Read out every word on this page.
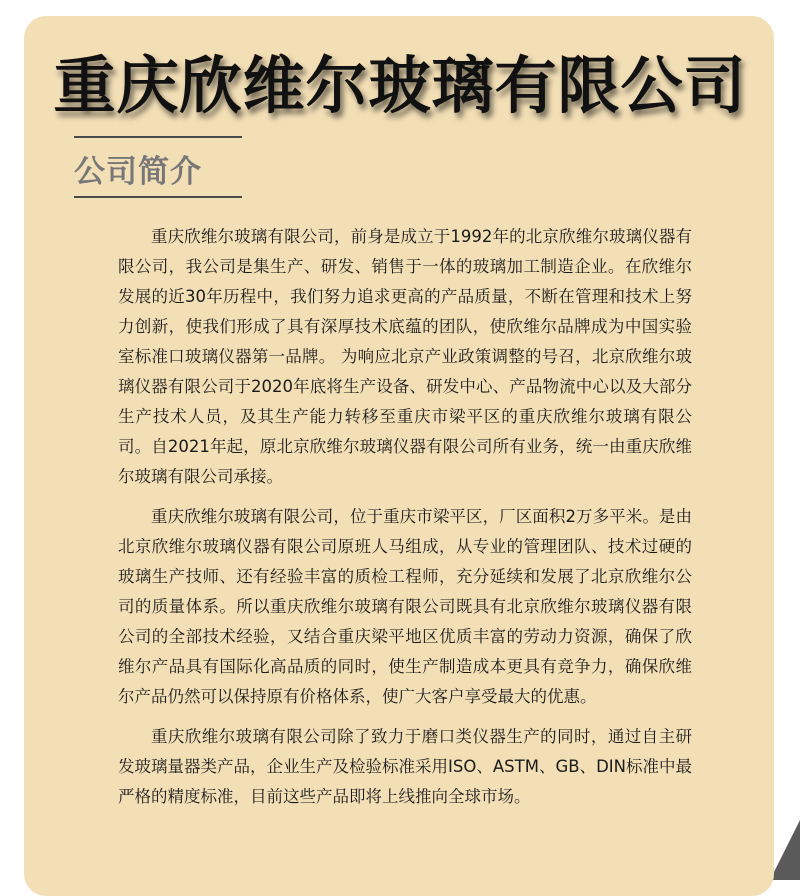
重庆欣维尔玻璃有限公司
公司简介

重庆欣维尔玻璃有限公司，前身是成立于1992年的北京欣维尔玻璃仪器有限公司，我公司是集生产、研发、销售于一体的玻璃加工制造企业。在欣维尔发展的近30年历程中，我们努力追求更高的产品质量，不断在管理和技术上努力创新，使我们形成了具有深厚技术底蕴的团队，使欣维尔品牌成为中国实验室标准口玻璃仪器第一品牌。 为响应北京产业政策调整的号召，北京欣维尔玻璃仪器有限公司于2020年底将生产设备、研发中心、产品物流中心以及大部分生产技术人员，及其生产能力转移至重庆市梁平区的重庆欣维尔玻璃有限公司。自2021年起，原北京欣维尔玻璃仪器有限公司所有业务，统一由重庆欣维尔玻璃有限公司承接。

重庆欣维尔玻璃有限公司，位于重庆市梁平区，厂区面积2万多平米。是由北京欣维尔玻璃仪器有限公司原班人马组成，从专业的管理团队、技术过硬的玻璃生产技师、还有经验丰富的质检工程师，充分延续和发展了北京欣维尔公司的质量体系。所以重庆欣维尔玻璃有限公司既具有北京欣维尔玻璃仪器有限公司的全部技术经验，又结合重庆梁平地区优质丰富的劳动力资源，确保了欣维尔产品具有国际化高品质的同时，使生产制造成本更具有竞争力，确保欣维尔产品仍然可以保持原有价格体系，使广大客户享受最大的优惠。

重庆欣维尔玻璃有限公司除了致力于磨口类仪器生产的同时，通过自主研发玻璃量器类产品，企业生产及检验标准采用ISO、ASTM、GB、DIN标准中最严格的精度标准，目前这些产品即将上线推向全球市场。
